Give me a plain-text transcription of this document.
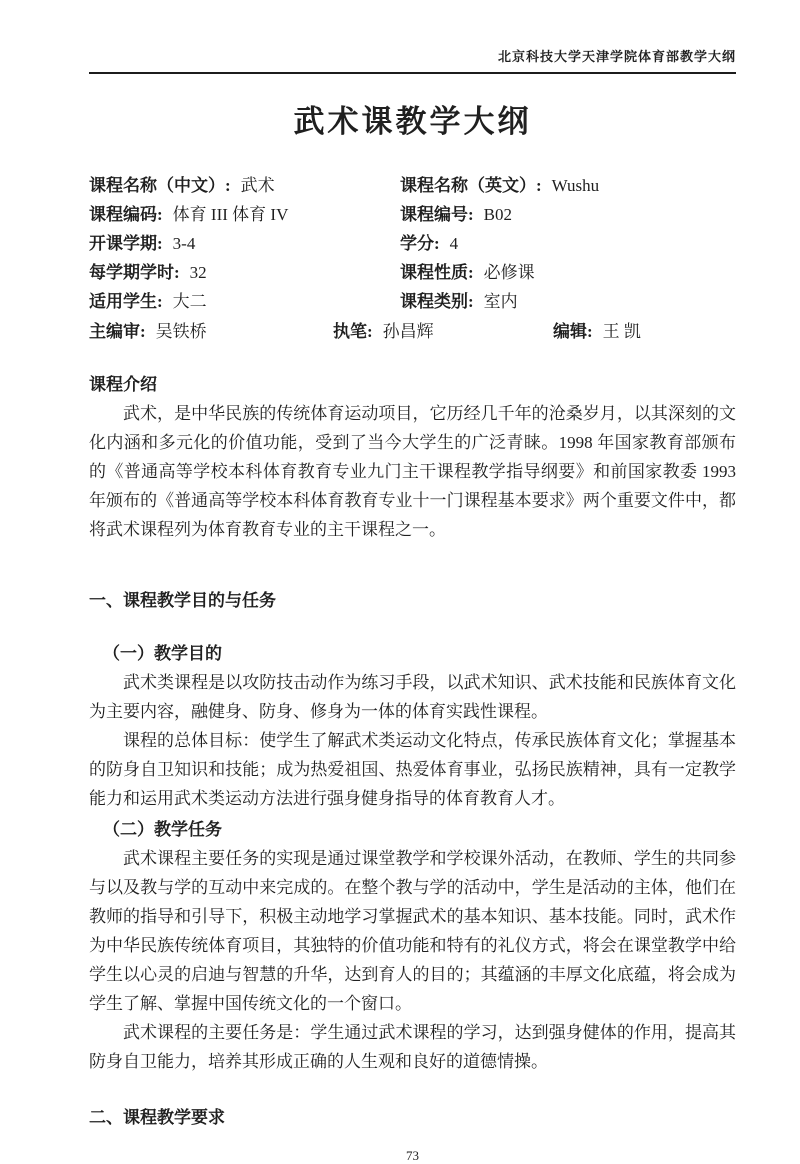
北京科技大学天津学院体育部教学大纲
武术课教学大纲
课程名称（中文）: 武术	课程名称（英文）: Wushu
课程编码: 体育 III 体育 IV	课程编号: B02
开课学期: 3-4	学分: 4
每学期学时: 32	课程性质: 必修课
适用学生: 大二	课程类别: 室内
主编审: 吴铁桥	执笔: 孙昌辉	编辑: 王 凯
课程介绍

武术，是中华民族的传统体育运动项目，它历经几千年的沧桑岁月，以其深刻的文化内涵和多元化的价值功能，受到了当今大学生的广泛青睐。1998 年国家教育部颁布的《普通高等学校本科体育教育专业九门主干课程教学指导纲要》和前国家教委 1993 年颁布的《普通高等学校本科体育教育专业十一门课程基本要求》两个重要文件中，都将武术课程列为体育教育专业的主干课程之一。

一、课程教学目的与任务
（一）教学目的

武术类课程是以攻防技击动作为练习手段，以武术知识、武术技能和民族体育文化为主要内容，融健身、防身、修身为一体的体育实践性课程。

课程的总体目标：使学生了解武术类运动文化特点，传承民族体育文化；掌握基本的防身自卫知识和技能；成为热爱祖国、热爱体育事业，弘扬民族精神，具有一定教学能力和运用武术类运动方法进行强身健身指导的体育教育人才。

（二）教学任务

武术课程主要任务的实现是通过课堂教学和学校课外活动，在教师、学生的共同参与以及教与学的互动中来完成的。在整个教与学的活动中，学生是活动的主体，他们在教师的指导和引导下，积极主动地学习掌握武术的基本知识、基本技能。同时，武术作为中华民族传统体育项目，其独特的价值功能和特有的礼仪方式，将会在课堂教学中给学生以心灵的启迪与智慧的升华，达到育人的目的；其蕴涵的丰厚文化底蕴，将会成为学生了解、掌握中国传统文化的一个窗口。

武术课程的主要任务是：学生通过武术课程的学习，达到强身健体的作用，提高其防身自卫能力，培养其形成正确的人生观和良好的道德情操。

二、课程教学要求
73
